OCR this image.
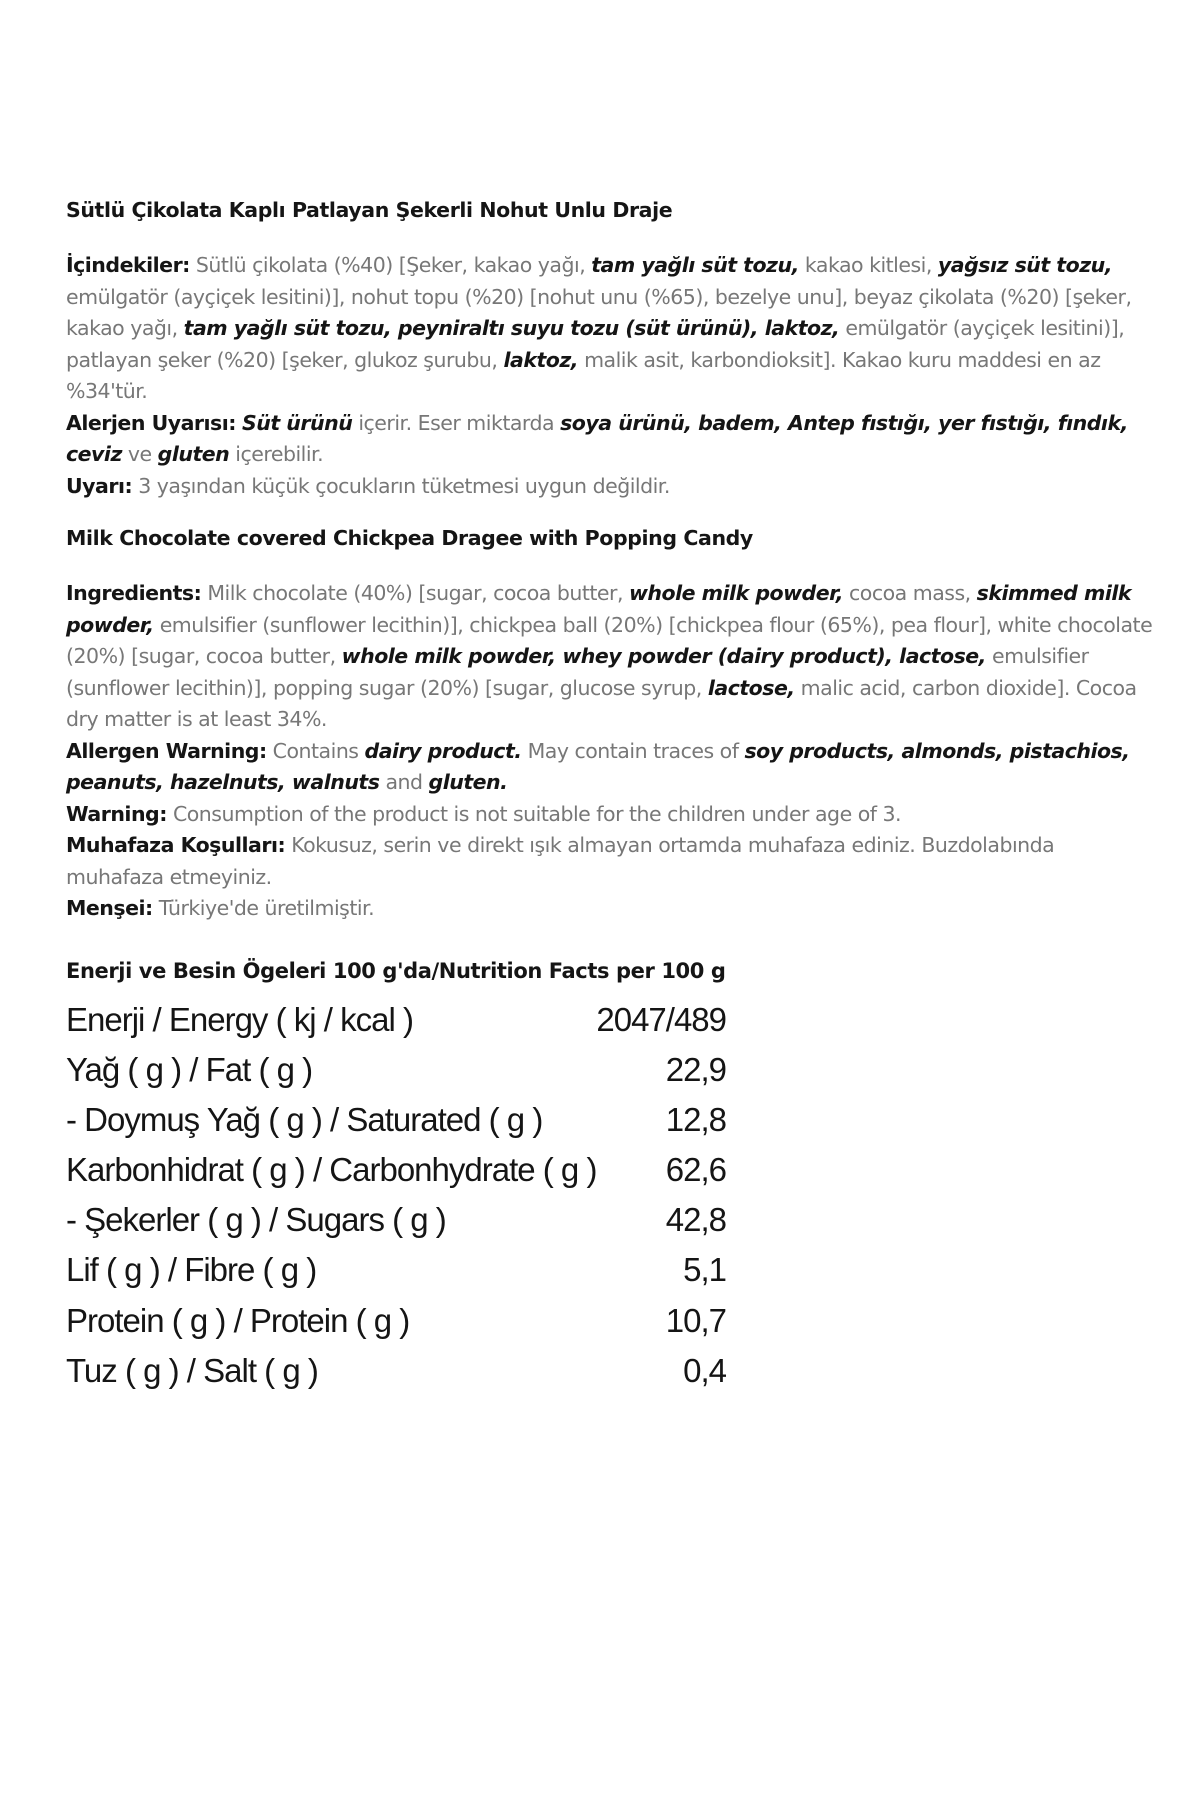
Sütlü Çikolata Kaplı Patlayan Şekerli Nohut Unlu Draje

İçindekiler: Sütlü çikolata (%40) [Şeker, kakao yağı, tam yağlı süt tozu, kakao kitlesi, yağsız süt tozu, emülgatör (ayçiçek lesitini)], nohut topu (%20) [nohut unu (%65), bezelye unu], beyaz çikolata (%20) [şeker, kakao yağı, tam yağlı süt tozu, peyniraltı suyu tozu (süt ürünü), laktoz, emülgatör (ayçiçek lesitini)], patlayan şeker (%20) [şeker, glukoz şurubu, laktoz, malik asit, karbondioksit]. Kakao kuru maddesi en az %34'tür.

Alerjen Uyarısı: Süt ürünü içerir. Eser miktarda soya ürünü, badem, Antep fıstığı, yer fıstığı, fındık, ceviz ve gluten içerebilir.

Uyarı: 3 yaşından küçük çocukların tüketmesi uygun değildir.

Milk Chocolate covered Chickpea Dragee with Popping Candy

Ingredients: Milk chocolate (40%) [sugar, cocoa butter, whole milk powder, cocoa mass, skimmed milk powder, emulsifier (sunflower lecithin)], chickpea ball (20%) [chickpea flour (65%), pea flour], white chocolate (20%) [sugar, cocoa butter, whole milk powder, whey powder (dairy product), lactose, emulsifier (sunflower lecithin)], popping sugar (20%) [sugar, glucose syrup, lactose, malic acid, carbon dioxide]. Cocoa dry matter is at least 34%.

Allergen Warning: Contains dairy product. May contain traces of soy products, almonds, pistachios, peanuts, hazelnuts, walnuts and gluten.

Warning: Consumption of the product is not suitable for the children under age of 3.

Muhafaza Koşulları: Kokusuz, serin ve direkt ışık almayan ortamda muhafaza ediniz. Buzdolabında muhafaza etmeyiniz.

Menşei: Türkiye'de üretilmiştir.

Enerji ve Besin Ögeleri 100 g'da/Nutrition Facts per 100 g
Enerji / Energy ( kj / kcal )	2047/489
Yağ ( g ) / Fat ( g )	22,9
- Doymuş Yağ ( g ) / Saturated ( g )	12,8
Karbonhidrat ( g ) / Carbonhydrate ( g ) 62,6
- Şekerler ( g ) / Sugars ( g )	42,8
Lif ( g ) / Fibre ( g )	5,1
Protein ( g ) / Protein ( g )	10,7
Tuz ( g ) / Salt ( g )	0,4
